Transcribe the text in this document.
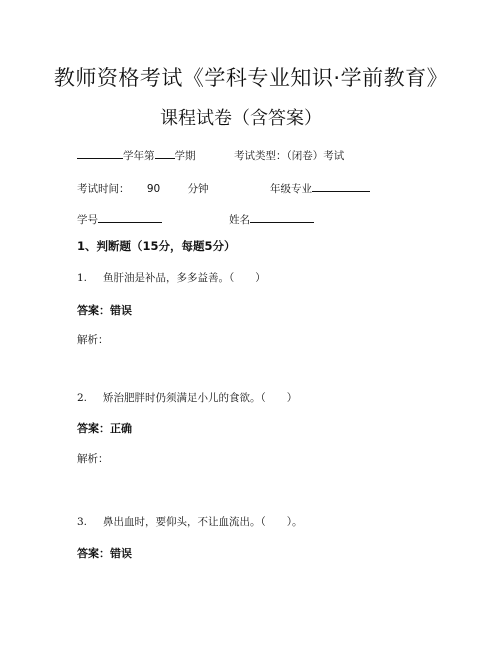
教师资格考试《学科专业知识·学前教育》
课程试卷（含答案）
学年第 学期	考试类型：（闭卷）考试
考试时间： 90	分钟	年级专业
学号	姓名
1、判断题（15分，每题5分）
1. 鱼肝油是补品，多多益善。（　　）
答案：错误
解析：
2. 矫治肥胖时仍须满足小儿的食欲。（　　）
答案：正确
解析：
3. 鼻出血时，要仰头，不让血流出。（　　）。
答案：错误
